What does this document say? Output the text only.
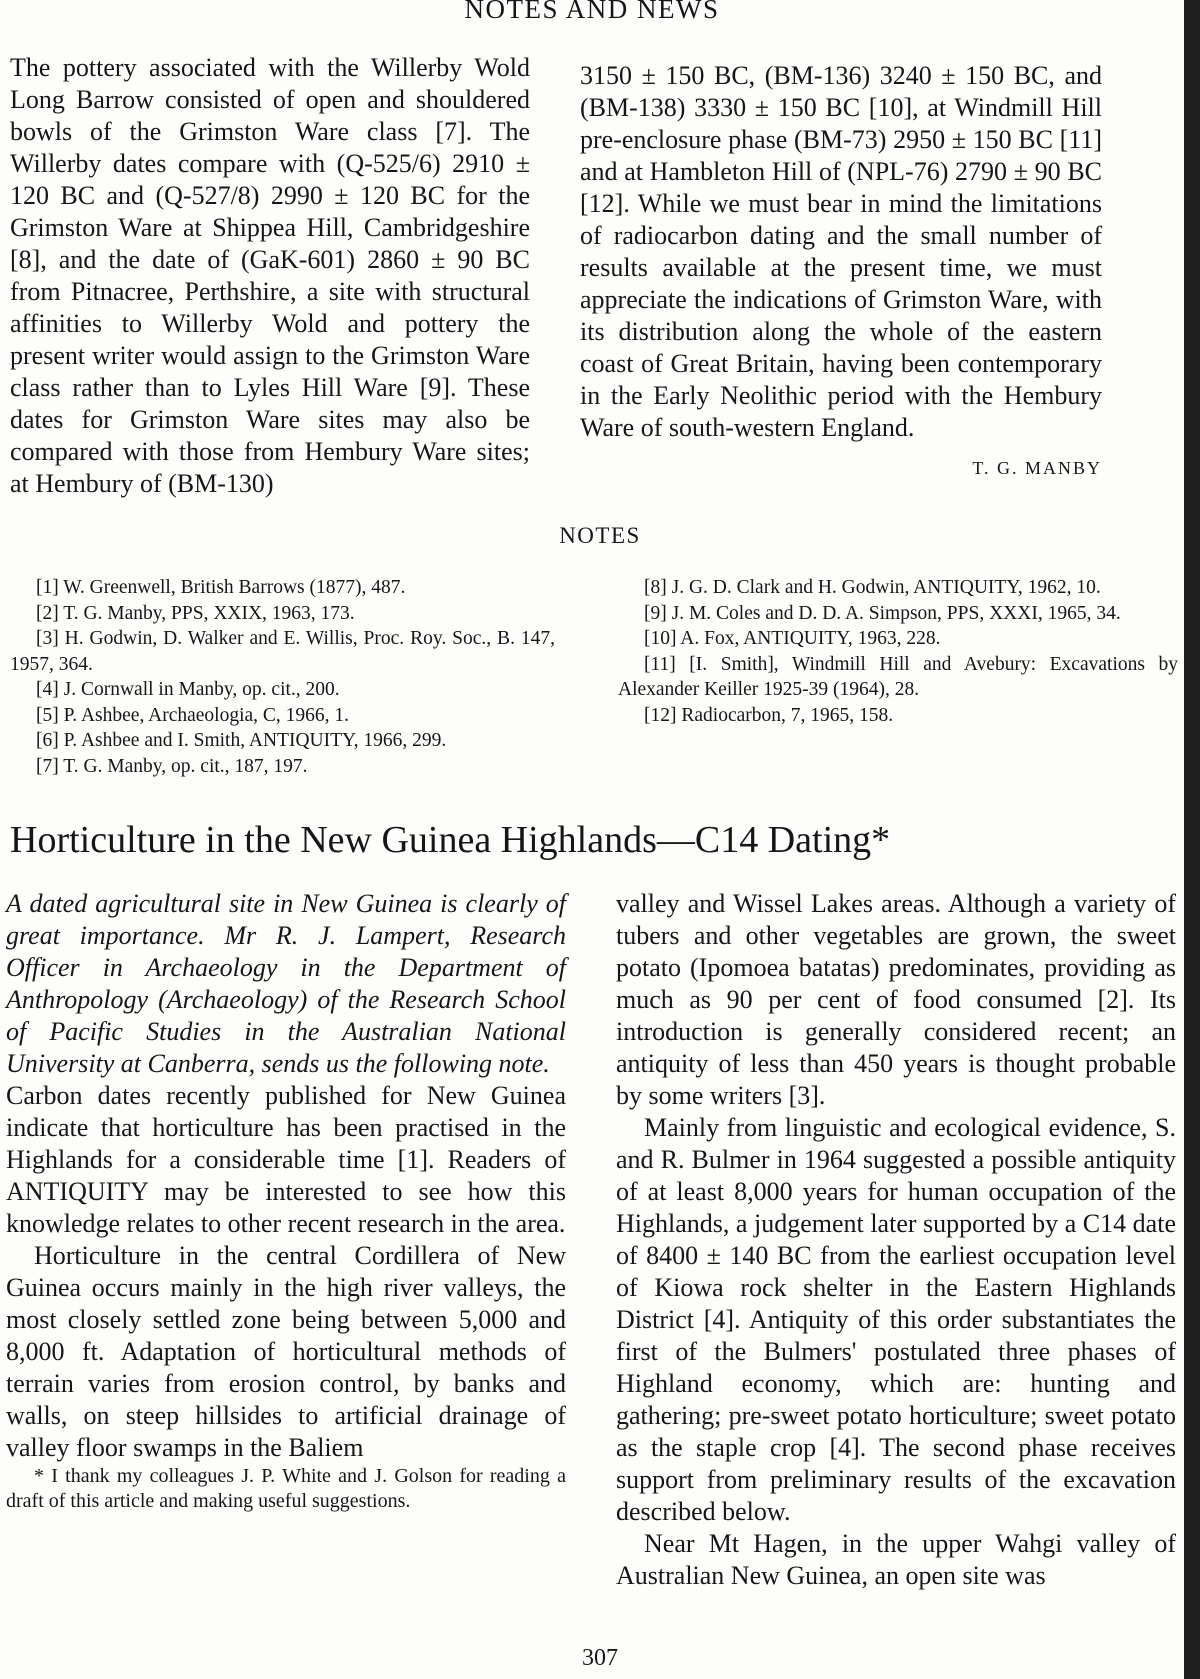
NOTES AND NEWS

The pottery associated with the Willerby Wold Long Barrow consisted of open and shouldered bowls of the Grimston Ware class [7]. The Willerby dates compare with (Q-525/6) 2910 ± 120 BC and (Q-527/8) 2990 ± 120 BC for the Grimston Ware at Shippea Hill, Cambridgeshire [8], and the date of (GaK-601) 2860 ± 90 BC from Pitnacree, Perthshire, a site with structural affinities to Willerby Wold and pottery the present writer would assign to the Grimston Ware class rather than to Lyles Hill Ware [9]. These dates for Grimston Ware sites may also be compared with those from Hembury Ware sites; at Hembury of (BM-130)

3150 ± 150 BC, (BM-136) 3240 ± 150 BC, and (BM-138) 3330 ± 150 BC [10], at Windmill Hill pre-enclosure phase (BM-73) 2950 ± 150 BC [11] and at Hambleton Hill of (NPL-76) 2790 ± 90 BC [12]. While we must bear in mind the limitations of radiocarbon dating and the small number of results available at the present time, we must appreciate the indications of Grimston Ware, with its distribution along the whole of the eastern coast of Great Britain, having been contemporary in the Early Neolithic period with the Hembury Ware of south-western England.

T. G. MANBY
NOTES

[1] W. Greenwell, British Barrows (1877), 487.

[2] T. G. Manby, PPS, XXIX, 1963, 173.

[3] H. Godwin, D. Walker and E. Willis, Proc. Roy. Soc., B. 147, 1957, 364.

[4] J. Cornwall in Manby, op. cit., 200.

[5] P. Ashbee, Archaeologia, C, 1966, 1.

[6] P. Ashbee and I. Smith, ANTIQUITY, 1966, 299.

[7] T. G. Manby, op. cit., 187, 197.

[8] J. G. D. Clark and H. Godwin, ANTIQUITY, 1962, 10.

[9] J. M. Coles and D. D. A. Simpson, PPS, XXXI, 1965, 34.

[10] A. Fox, ANTIQUITY, 1963, 228.

[11] [I. Smith], Windmill Hill and Avebury: Excavations by Alexander Keiller 1925-39 (1964), 28.

[12] Radiocarbon, 7, 1965, 158.

Horticulture in the New Guinea Highlands—C14 Dating*

A dated agricultural site in New Guinea is clearly of great importance. Mr R. J. Lampert, Research Officer in Archaeology in the Department of Anthropology (Archaeology) of the Research School of Pacific Studies in the Australian National University at Canberra, sends us the following note.

Carbon dates recently published for New Guinea indicate that horticulture has been practised in the Highlands for a considerable time [1]. Readers of ANTIQUITY may be interested to see how this knowledge relates to other recent research in the area.

Horticulture in the central Cordillera of New Guinea occurs mainly in the high river valleys, the most closely settled zone being between 5,000 and 8,000 ft. Adaptation of horticultural methods of terrain varies from erosion control, by banks and walls, on steep hillsides to artificial drainage of valley floor swamps in the Baliem

* I thank my colleagues J. P. White and J. Golson for reading a draft of this article and making useful suggestions.

valley and Wissel Lakes areas. Although a variety of tubers and other vegetables are grown, the sweet potato (Ipomoea batatas) predominates, providing as much as 90 per cent of food consumed [2]. Its introduction is generally considered recent; an antiquity of less than 450 years is thought probable by some writers [3].

Mainly from linguistic and ecological evidence, S. and R. Bulmer in 1964 suggested a possible antiquity of at least 8,000 years for human occupation of the Highlands, a judgement later supported by a C14 date of 8400 ± 140 BC from the earliest occupation level of Kiowa rock shelter in the Eastern Highlands District [4]. Antiquity of this order substantiates the first of the Bulmers' postulated three phases of Highland economy, which are: hunting and gathering; pre-sweet potato horticulture; sweet potato as the staple crop [4]. The second phase receives support from preliminary results of the excavation described below.

Near Mt Hagen, in the upper Wahgi valley of Australian New Guinea, an open site was

307
